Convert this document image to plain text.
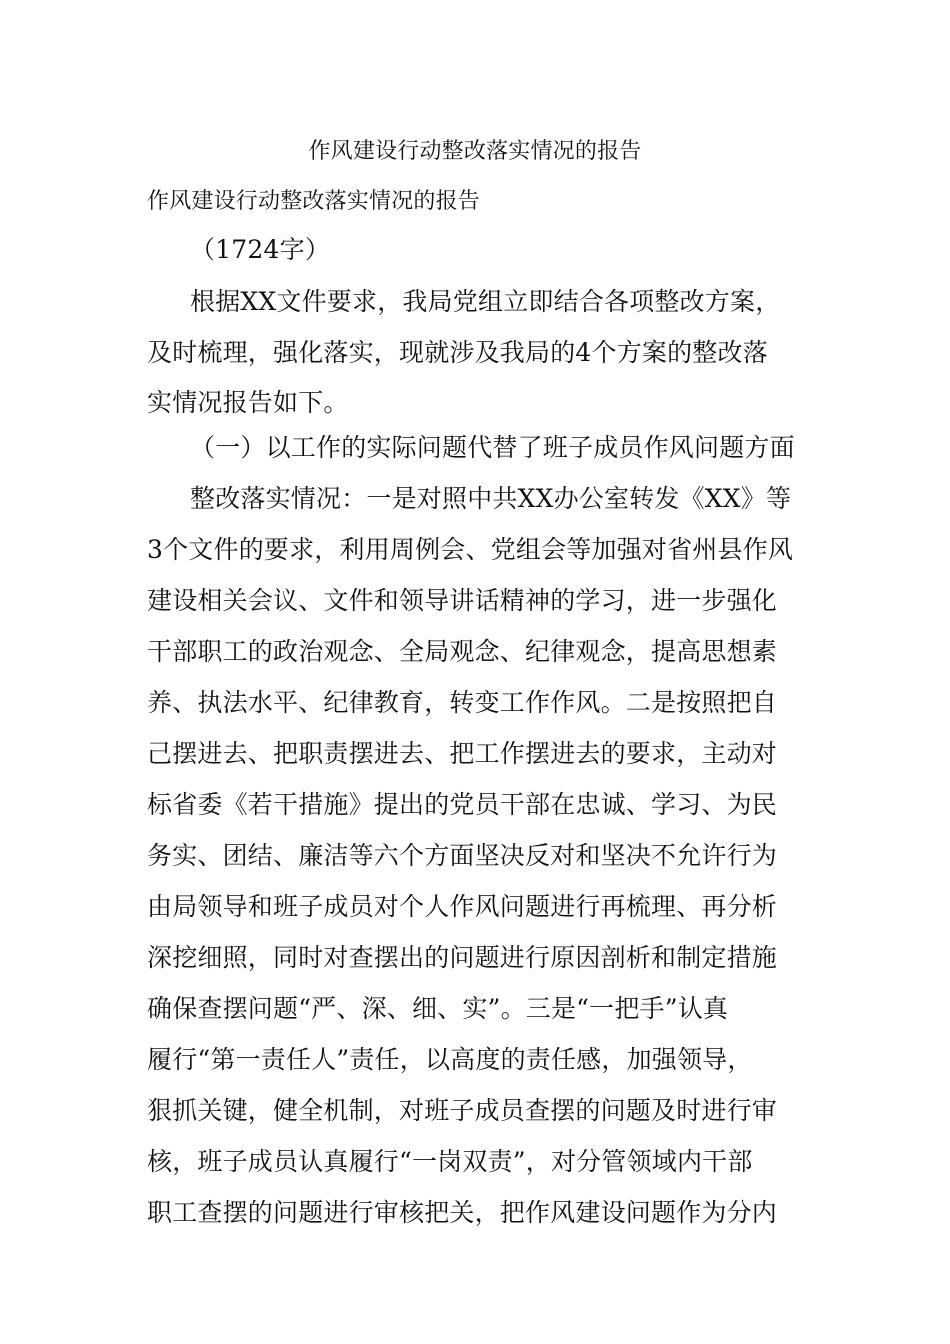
作风建设行动整改落实情况的报告
作风建设行动整改落实情况的报告
（1724字）
根据XX文件要求，我局党组立即结合各项整改方案，
及时梳理，强化落实，现就涉及我局的4个方案的整改落
实情况报告如下。
（一）以工作的实际问题代替了班子成员作风问题方面
整改落实情况：一是对照中共XX办公室转发《XX》等
3个文件的要求，利用周例会、党组会等加强对省州县作风
建设相关会议、文件和领导讲话精神的学习，进一步强化
干部职工的政治观念、全局观念、纪律观念，提高思想素
养、执法水平、纪律教育，转变工作作风。二是按照把自
己摆进去、把职责摆进去、把工作摆进去的要求，主动对
标省委《若干措施》提出的党员干部在忠诚、学习、为民
务实、团结、廉洁等六个方面坚决反对和坚决不允许行为
由局领导和班子成员对个人作风问题进行再梳理、再分析
深挖细照，同时对查摆出的问题进行原因剖析和制定措施
确保查摆问题“严、深、细、实”。三是“一把手”认真
履行“第一责任人”责任，以高度的责任感，加强领导，
狠抓关键，健全机制，对班子成员查摆的问题及时进行审
核，班子成员认真履行“一岗双责”，对分管领域内干部
职工查摆的问题进行审核把关，把作风建设问题作为分内
